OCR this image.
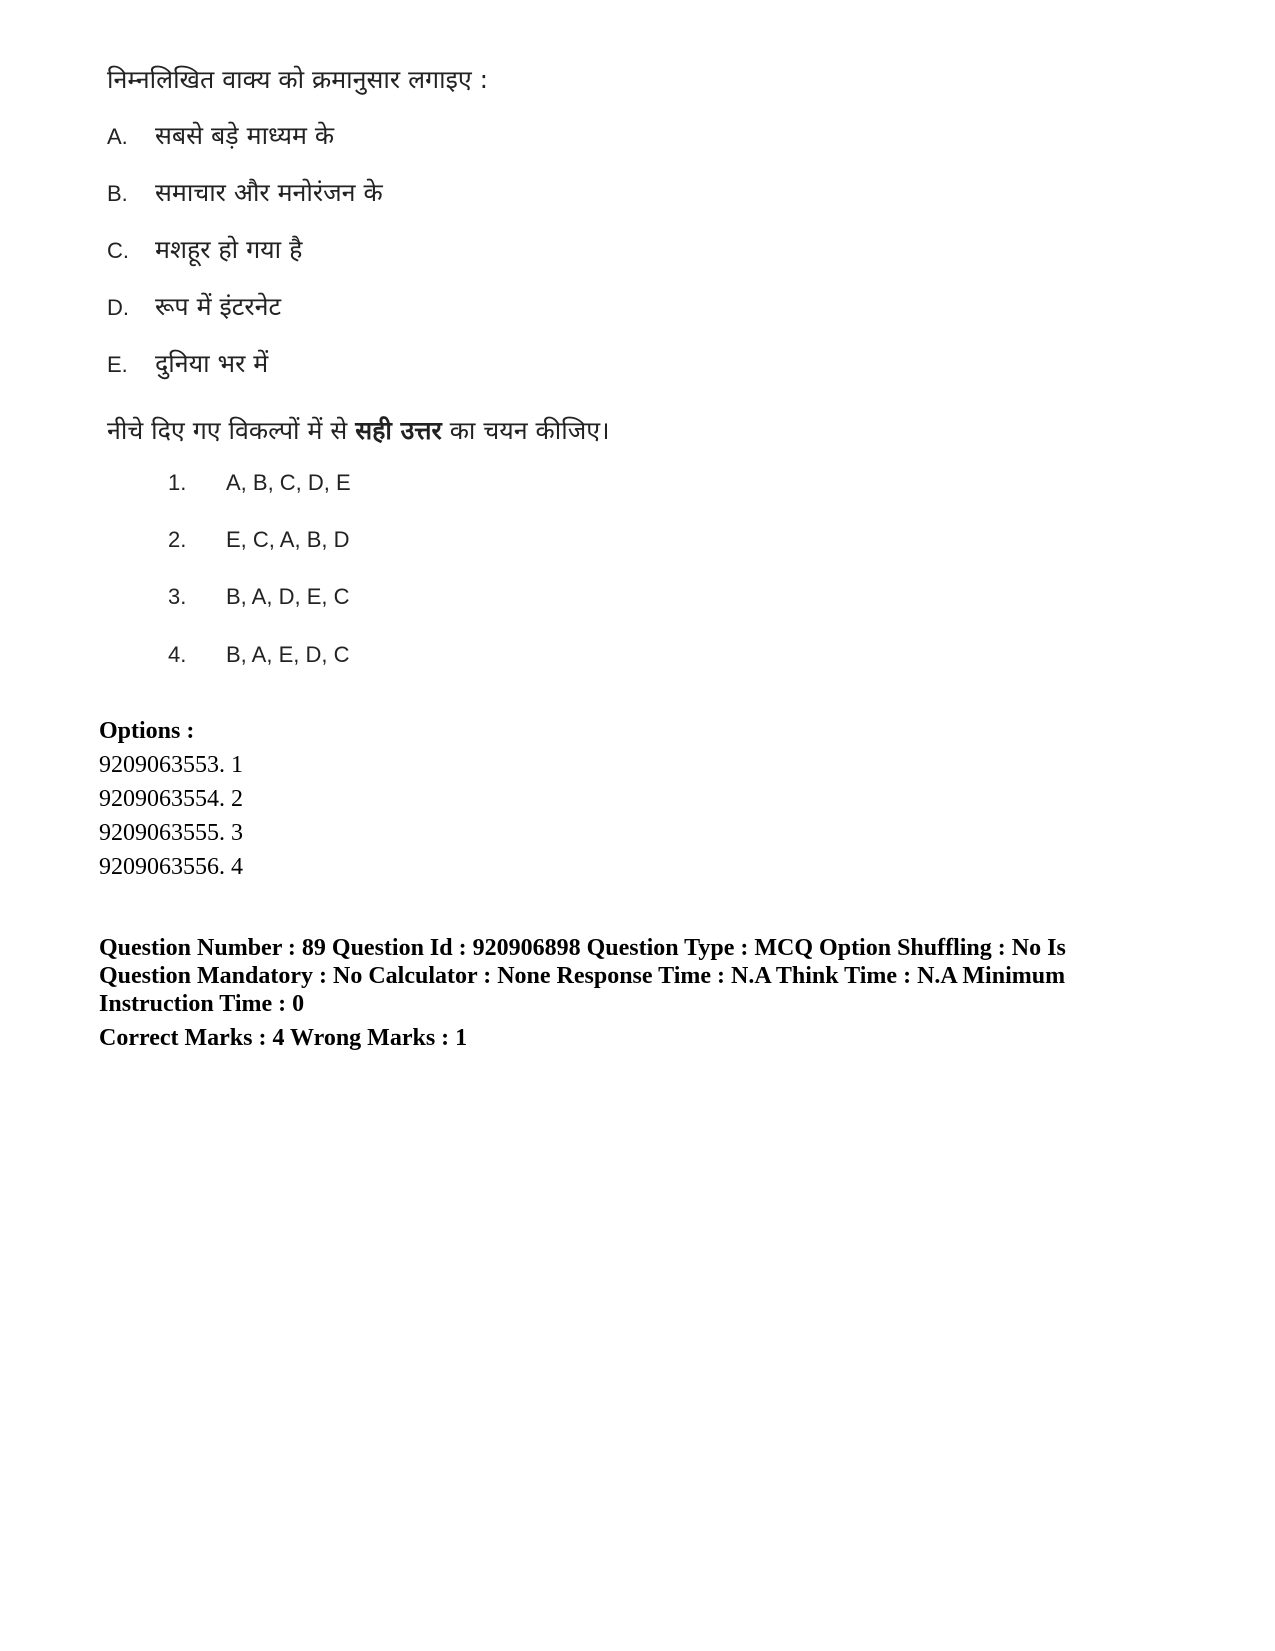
निम्नलिखित वाक्य को क्रमानुसार लगाइए :
A. सबसे बड़े माध्यम के
B. समाचार और मनोरंजन के
C. मशहूर हो गया है
D. रूप में इंटरनेट
E. दुनिया भर में
नीचे दिए गए विकल्पों में से सही उत्तर का चयन कीजिए।
1. A, B, C, D, E
2. E, C, A, B, D
3. B, A, D, E, C
4. B, A, E, D, C
Options :
9209063553. 1
9209063554. 2
9209063555. 3
9209063556. 4
Question Number : 89 Question Id : 920906898 Question Type : MCQ Option Shuffling : No Is Question Mandatory : No Calculator : None Response Time : N.A Think Time : N.A Minimum Instruction Time : 0
Correct Marks : 4 Wrong Marks : 1
